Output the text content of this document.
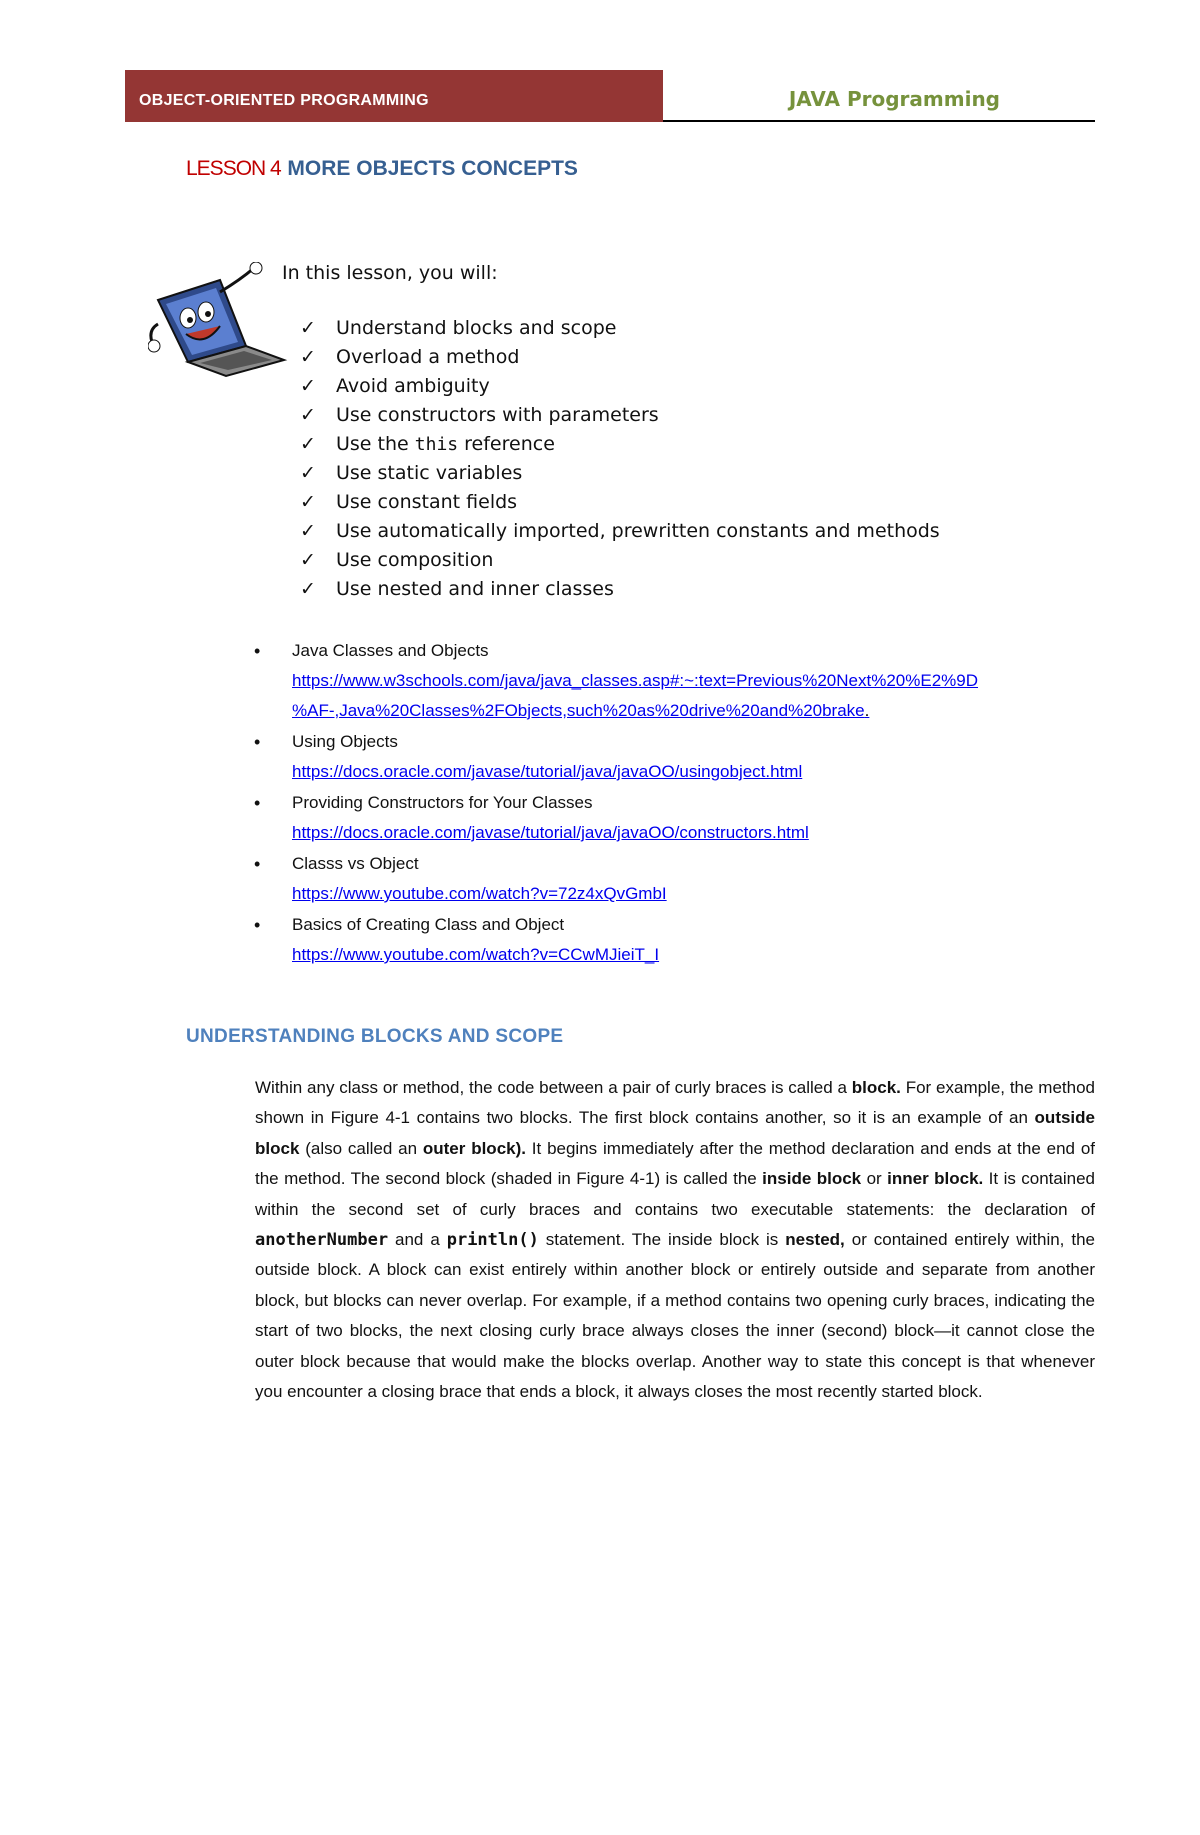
OBJECT-ORIENTED PROGRAMMING	JAVA Programming
LESSON 4 MORE OBJECTS CONCEPTS
In this lesson, you will:
✓ Understand blocks and scope
✓ Overload a method
✓ Avoid ambiguity
✓ Use constructors with parameters
✓ Use the this reference
✓ Use static variables
✓ Use constant fields
✓ Use automatically imported, prewritten constants and methods
✓ Use composition
✓ Use nested and inner classes
• Java Classes and Objects
https://www.w3schools.com/java/java_classes.asp#:~:text=Previous%20Next%20%E2%9D
%AF-,Java%20Classes%2FObjects,such%20as%20drive%20and%20brake.
• Using Objects
https://docs.oracle.com/javase/tutorial/java/javaOO/usingobject.html
• Providing Constructors for Your Classes
https://docs.oracle.com/javase/tutorial/java/javaOO/constructors.html
• Classs vs Object
https://www.youtube.com/watch?v=72z4xQvGmbI
• Basics of Creating Class and Object
https://www.youtube.com/watch?v=CCwMJieiT_I
UNDERSTANDING BLOCKS AND SCOPE

Within any class or method, the code between a pair of curly braces is called a block. For example, the method shown in Figure 4-1 contains two blocks. The first block contains another, so it is an example of an outside block (also called an outer block). It begins immediately after the method declaration and ends at the end of the method. The second block (shaded in Figure 4-1) is called the inside block or inner block. It is contained within the second set of curly braces and contains two executable statements: the declaration of anotherNumber and a println() statement. The inside block is nested, or contained entirely within, the outside block. A block can exist entirely within another block or entirely outside and separate from another block, but blocks can never overlap. For example, if a method contains two opening curly braces, indicating the start of two blocks, the next closing curly brace always closes the inner (second) block—it cannot close the outer block because that would make the blocks overlap. Another way to state this concept is that whenever you encounter a closing brace that ends a block, it always closes the most recently started block.
